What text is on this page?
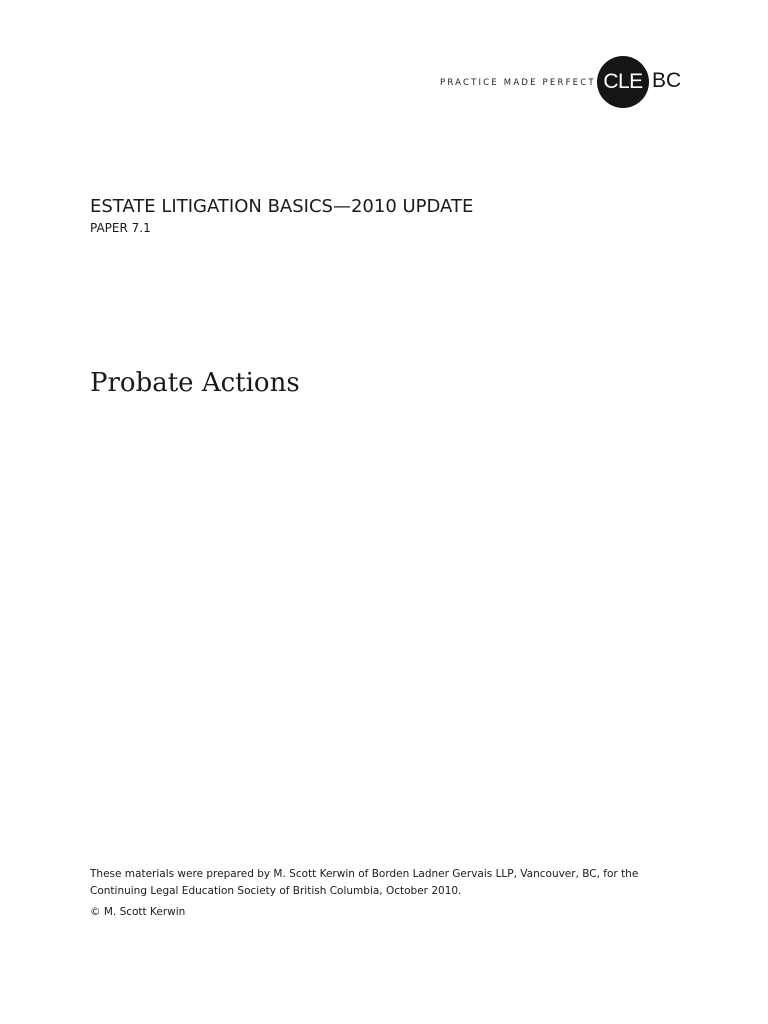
PRACTICE MADE PERFECT CLE BC
ESTATE LITIGATION BASICS—2010 UPDATE
PAPER 7.1
Probate Actions
These materials were prepared by M. Scott Kerwin of Borden Ladner Gervais LLP, Vancouver, BC, for the
Continuing Legal Education Society of British Columbia, October 2010.
© M. Scott Kerwin
